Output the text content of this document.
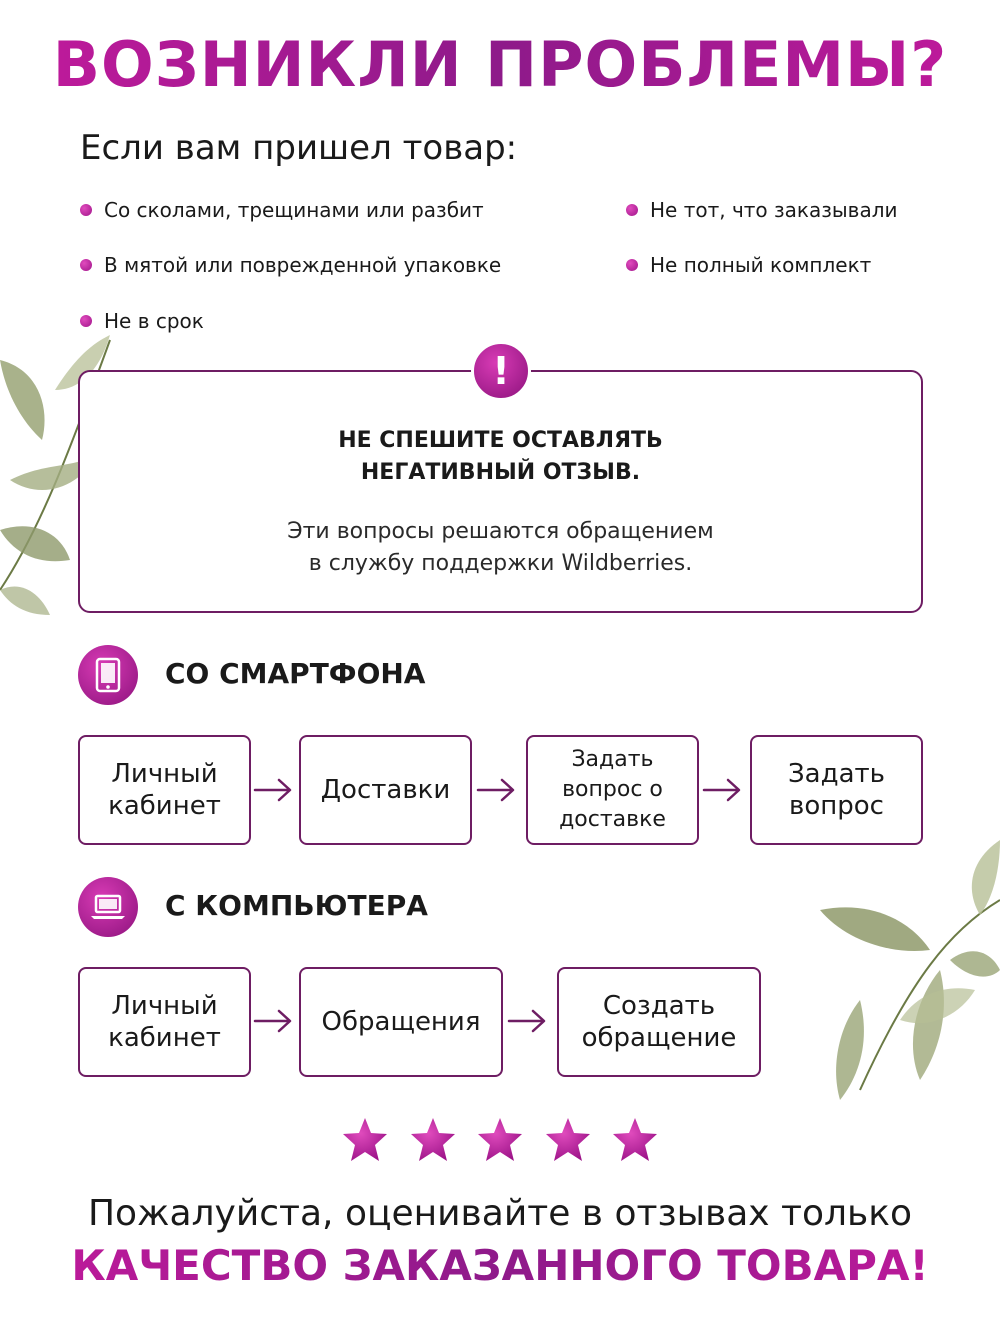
ВОЗНИКЛИ ПРОБЛЕМЫ?
Если вам пришел товар:
Со сколами, трещинами или разбит	Не тот, что заказывали
В мятой или поврежденной упаковке	Не полный комплект
Не в срок
!
НЕ СПЕШИТЕ ОСТАВЛЯТЬ
НЕГАТИВНЫЙ ОТЗЫВ.
Эти вопросы решаются обращением
в службу поддержки Wildberries.
СО СМАРТФОНА
Личный
кабинет
Доставки
Задать
вопрос о
доставке
Задать
вопрос
С КОМПЬЮТЕРА
Личный
кабинет
Обращения
Создать
обращение
Пожалуйста, оценивайте в отзывах только
КАЧЕСТВО ЗАКАЗАННОГО ТОВАРА!
